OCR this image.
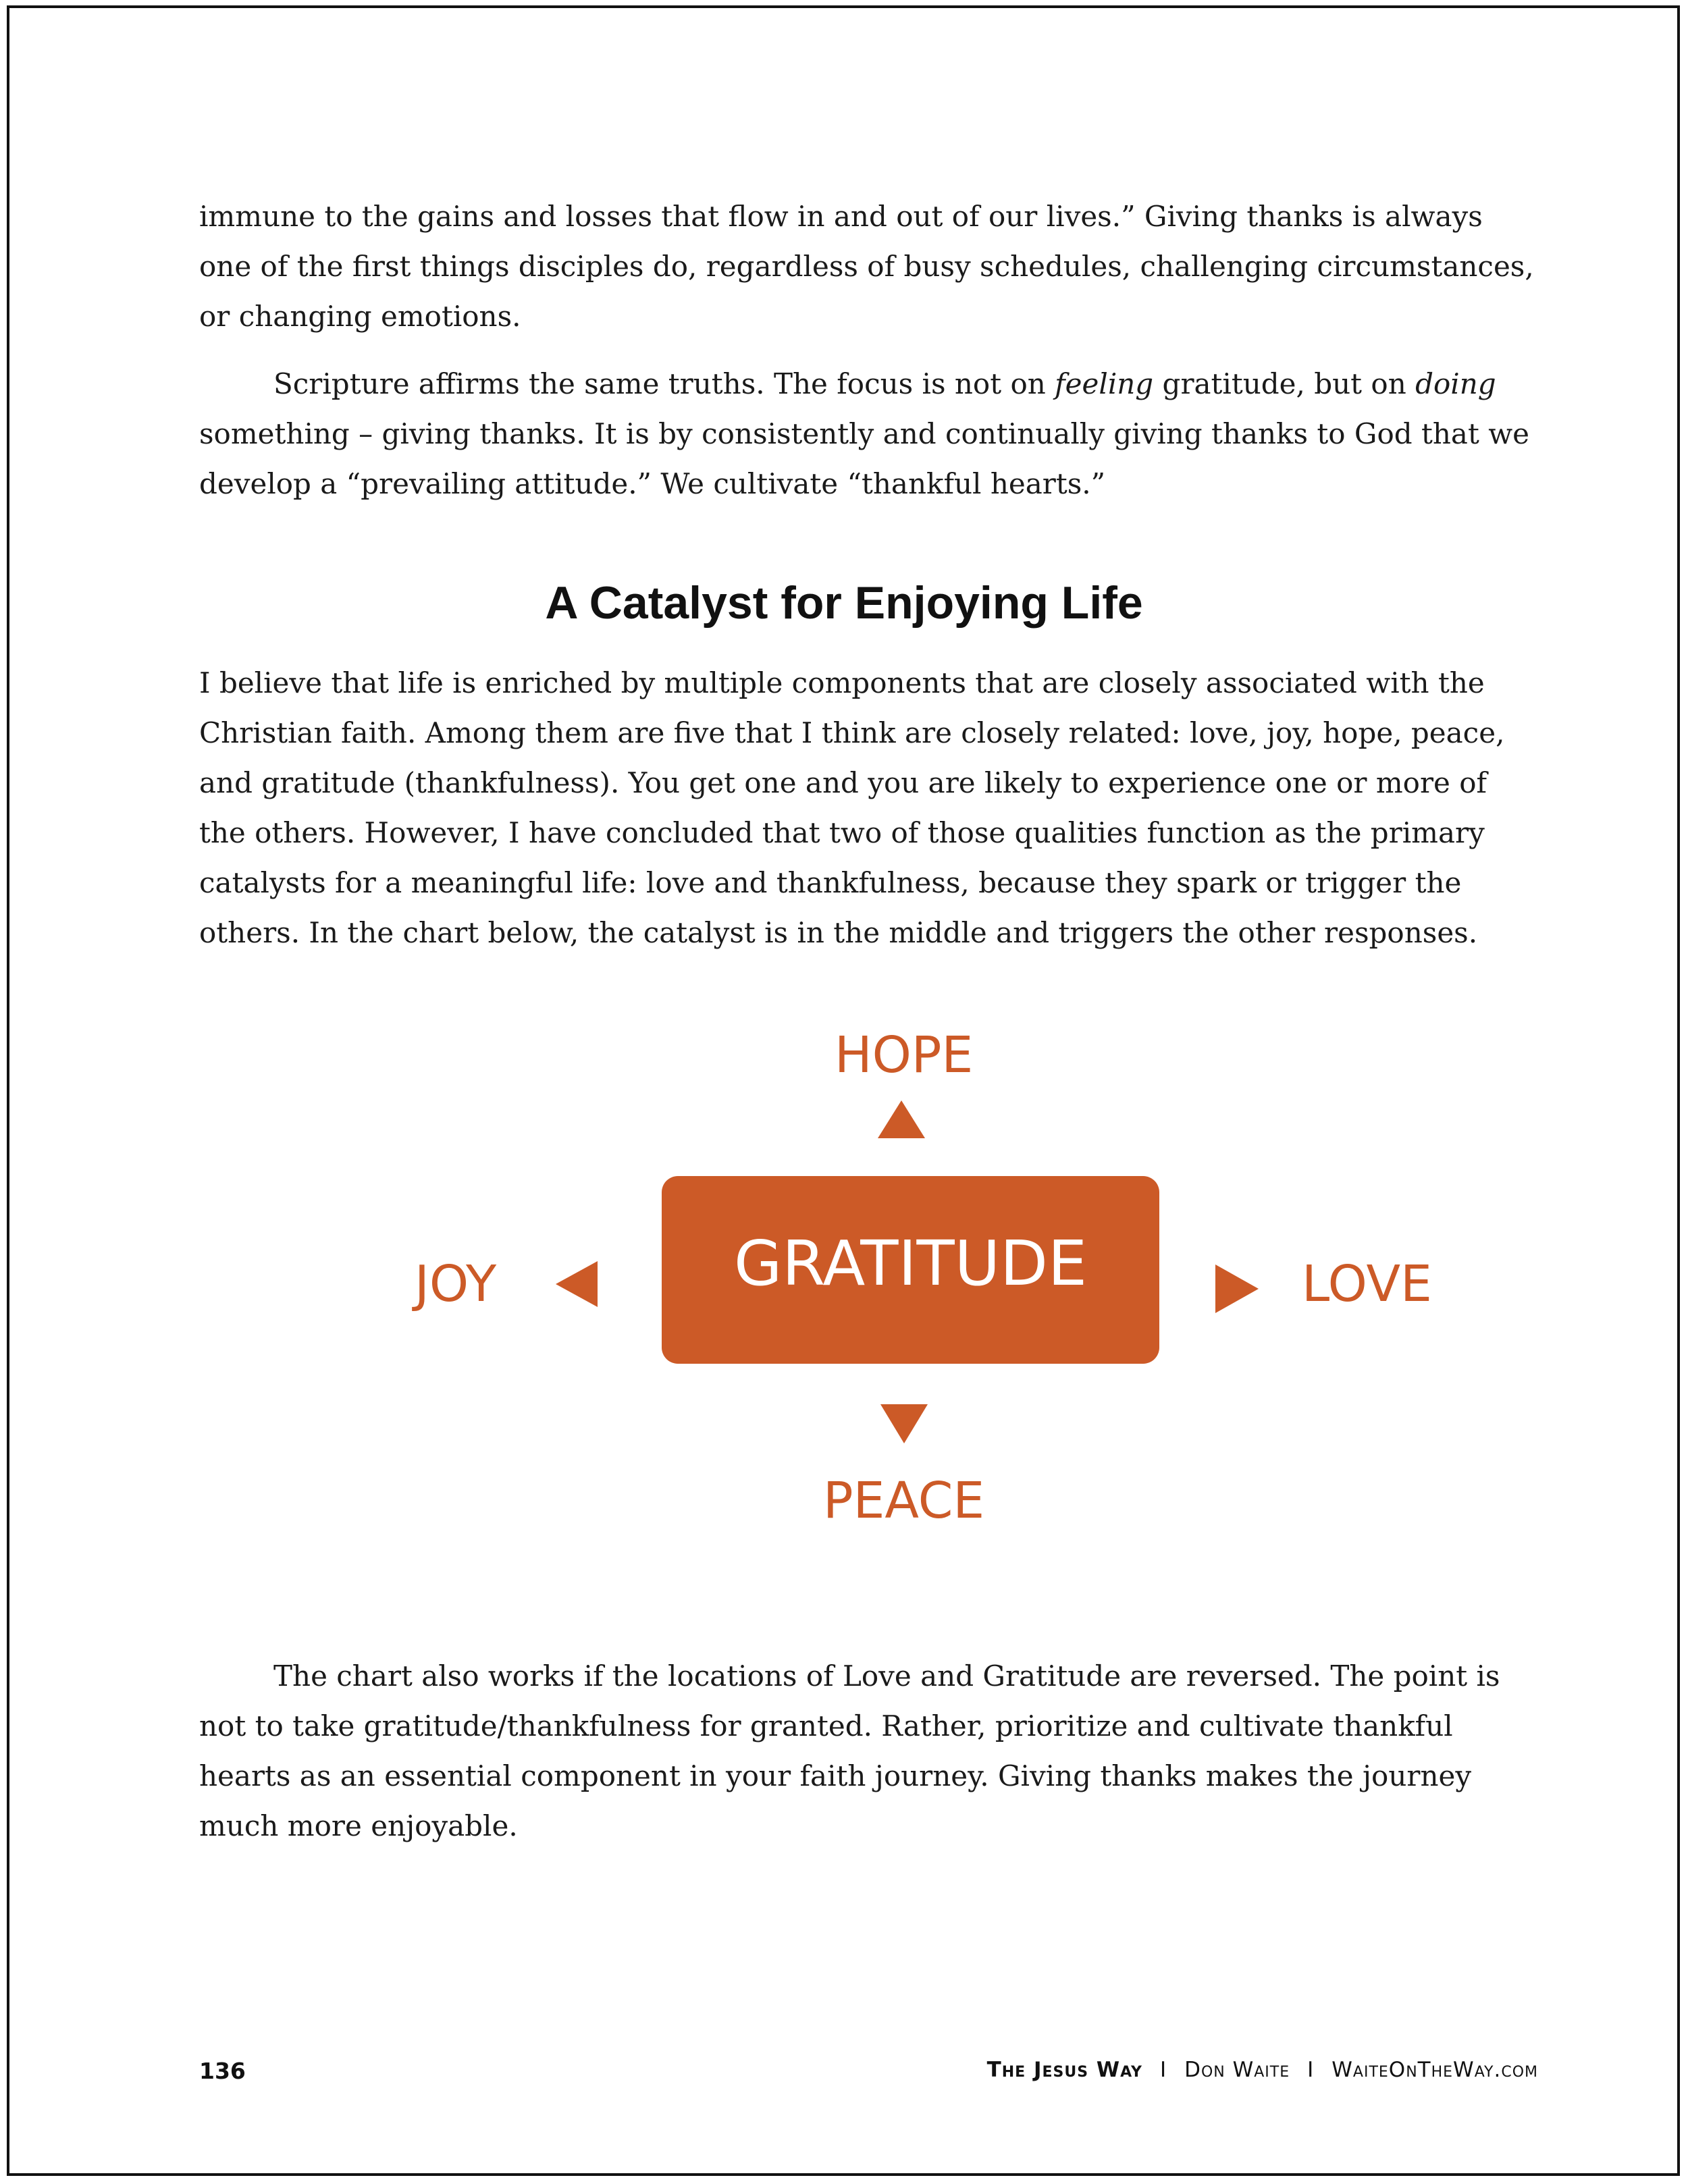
immune to the gains and losses that flow in and out of our lives.” Giving thanks is always one of the first things disciples do, regardless of busy schedules, challenging circumstances, or changing emotions.

Scripture affirms the same truths. The focus is not on feeling gratitude, but on doing something – giving thanks. It is by consistently and continually giving thanks to God that we develop a “prevailing attitude.” We cultivate “thankful hearts.”

A Catalyst for Enjoying Life

I believe that life is enriched by multiple components that are closely associated with the Christian faith. Among them are five that I think are closely related: love, joy, hope, peace, and gratitude (thankfulness). You get one and you are likely to experience one or more of the others. However, I have concluded that two of those qualities function as the primary catalysts for a meaningful life: love and thankfulness, because they spark or trigger the others. In the chart below, the catalyst is in the middle and triggers the other responses.

HOPE
GRATITUDE
JOY	LOVE
PEACE

The chart also works if the locations of Love and Gratitude are reversed. The point is not to take gratitude/thankfulness for granted. Rather, prioritize and cultivate thankful hearts as an essential component in your faith journey. Giving thanks makes the journey much more enjoyable.

136	The Jesus Way I Don Waite I WaiteOnTheWay.com
